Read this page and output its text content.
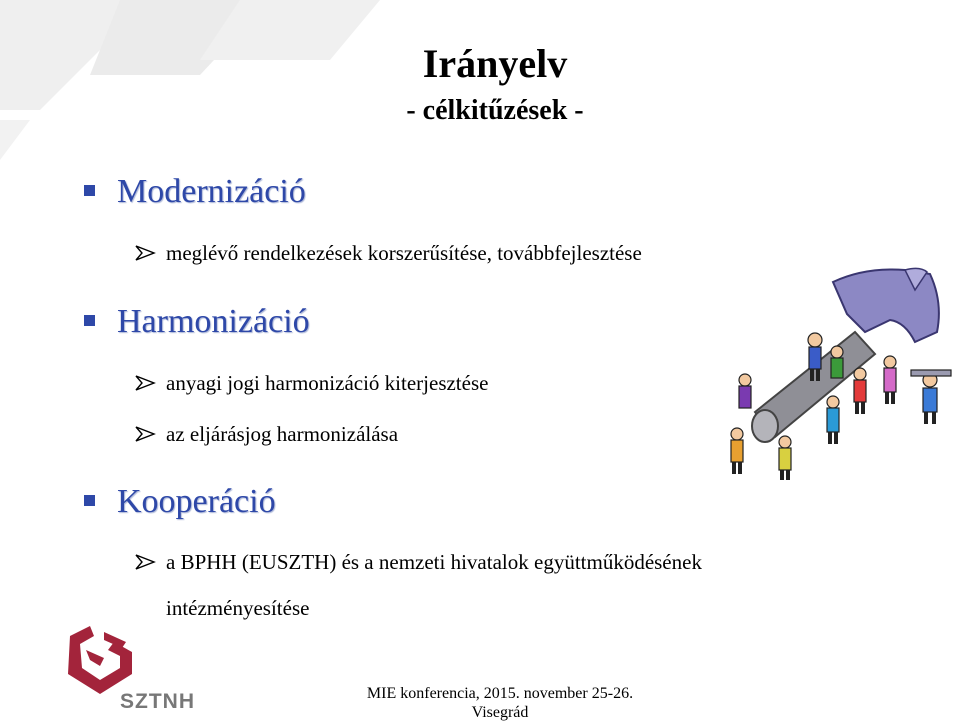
Irányelv
- célkitűzések -
Modernizáció
meglévő rendelkezések korszerűsítése, továbbfejlesztése
Harmonizáció
anyagi jogi harmonizáció kiterjesztése
az eljárásjog harmonizálása
Kooperáció
a BPHH (EUSZTH) és a nemzeti hivatalok együttműködésének
intézményesítése
SZTNH	MIE konferencia, 2015. november 25-26.
Visegrád
